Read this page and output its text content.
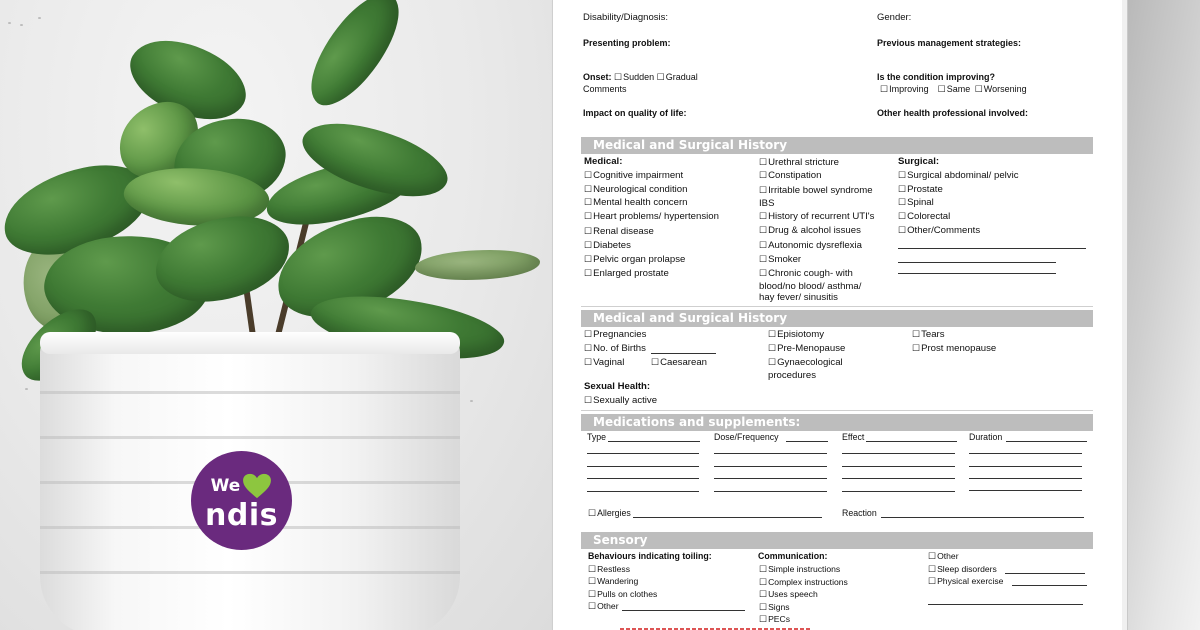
We
ndis
Disability/Diagnosis:	Gender:
Presenting problem:	Previous management strategies:
Onset: ☐ Sudden ☐ Gradual
Comments
Is the condition improving?
☐ Improving ☐ Same ☐ Worsening
Impact on quality of life:	Other health professional involved:
Medical and Surgical History
Medical:
☐ Cognitive impairment
☐ Neurological condition
☐ Mental health concern
☐ Heart problems/ hypertension
☐ Renal disease
☐ Diabetes
☐ Pelvic organ prolapse
☐ Enlarged prostate
☐ Urethral stricture
☐ Constipation
☐ Irritable bowel syndrome
IBS
☐ History of recurrent UTI's
☐ Drug & alcohol issues
☐ Autonomic dysreflexia
☐ Smoker
☐ Chronic cough- with
blood/no blood/ asthma/
hay fever/ sinusitis
Surgical:
☐ Surgical abdominal/ pelvic
☐ Prostate
☐ Spinal
☐ Colorectal
☐ Other/Comments
Medical and Surgical History
☐ Pregnancies
☐ No. of Births
☐ Vaginal	☐ Caesarean
☐ Episiotomy
☐ Pre-Menopause
☐ Gynaecological
procedures
☐ Tears
☐ Prost menopause
Sexual Health:
☐ Sexually active
Medications and supplements:
Type	Dose/Frequency	Effect	Duration
☐ Allergies	Reaction
Sensory
Behaviours indicating toiling:
☐ Restless
☐ Wandering
☐ Pulls on clothes
☐ Other
Communication:
☐ Simple instructions
☐ Complex instructions
☐ Uses speech
☐ Signs
☐ PECs
☐ Other
☐ Sleep disorders
☐ Physical exercise
